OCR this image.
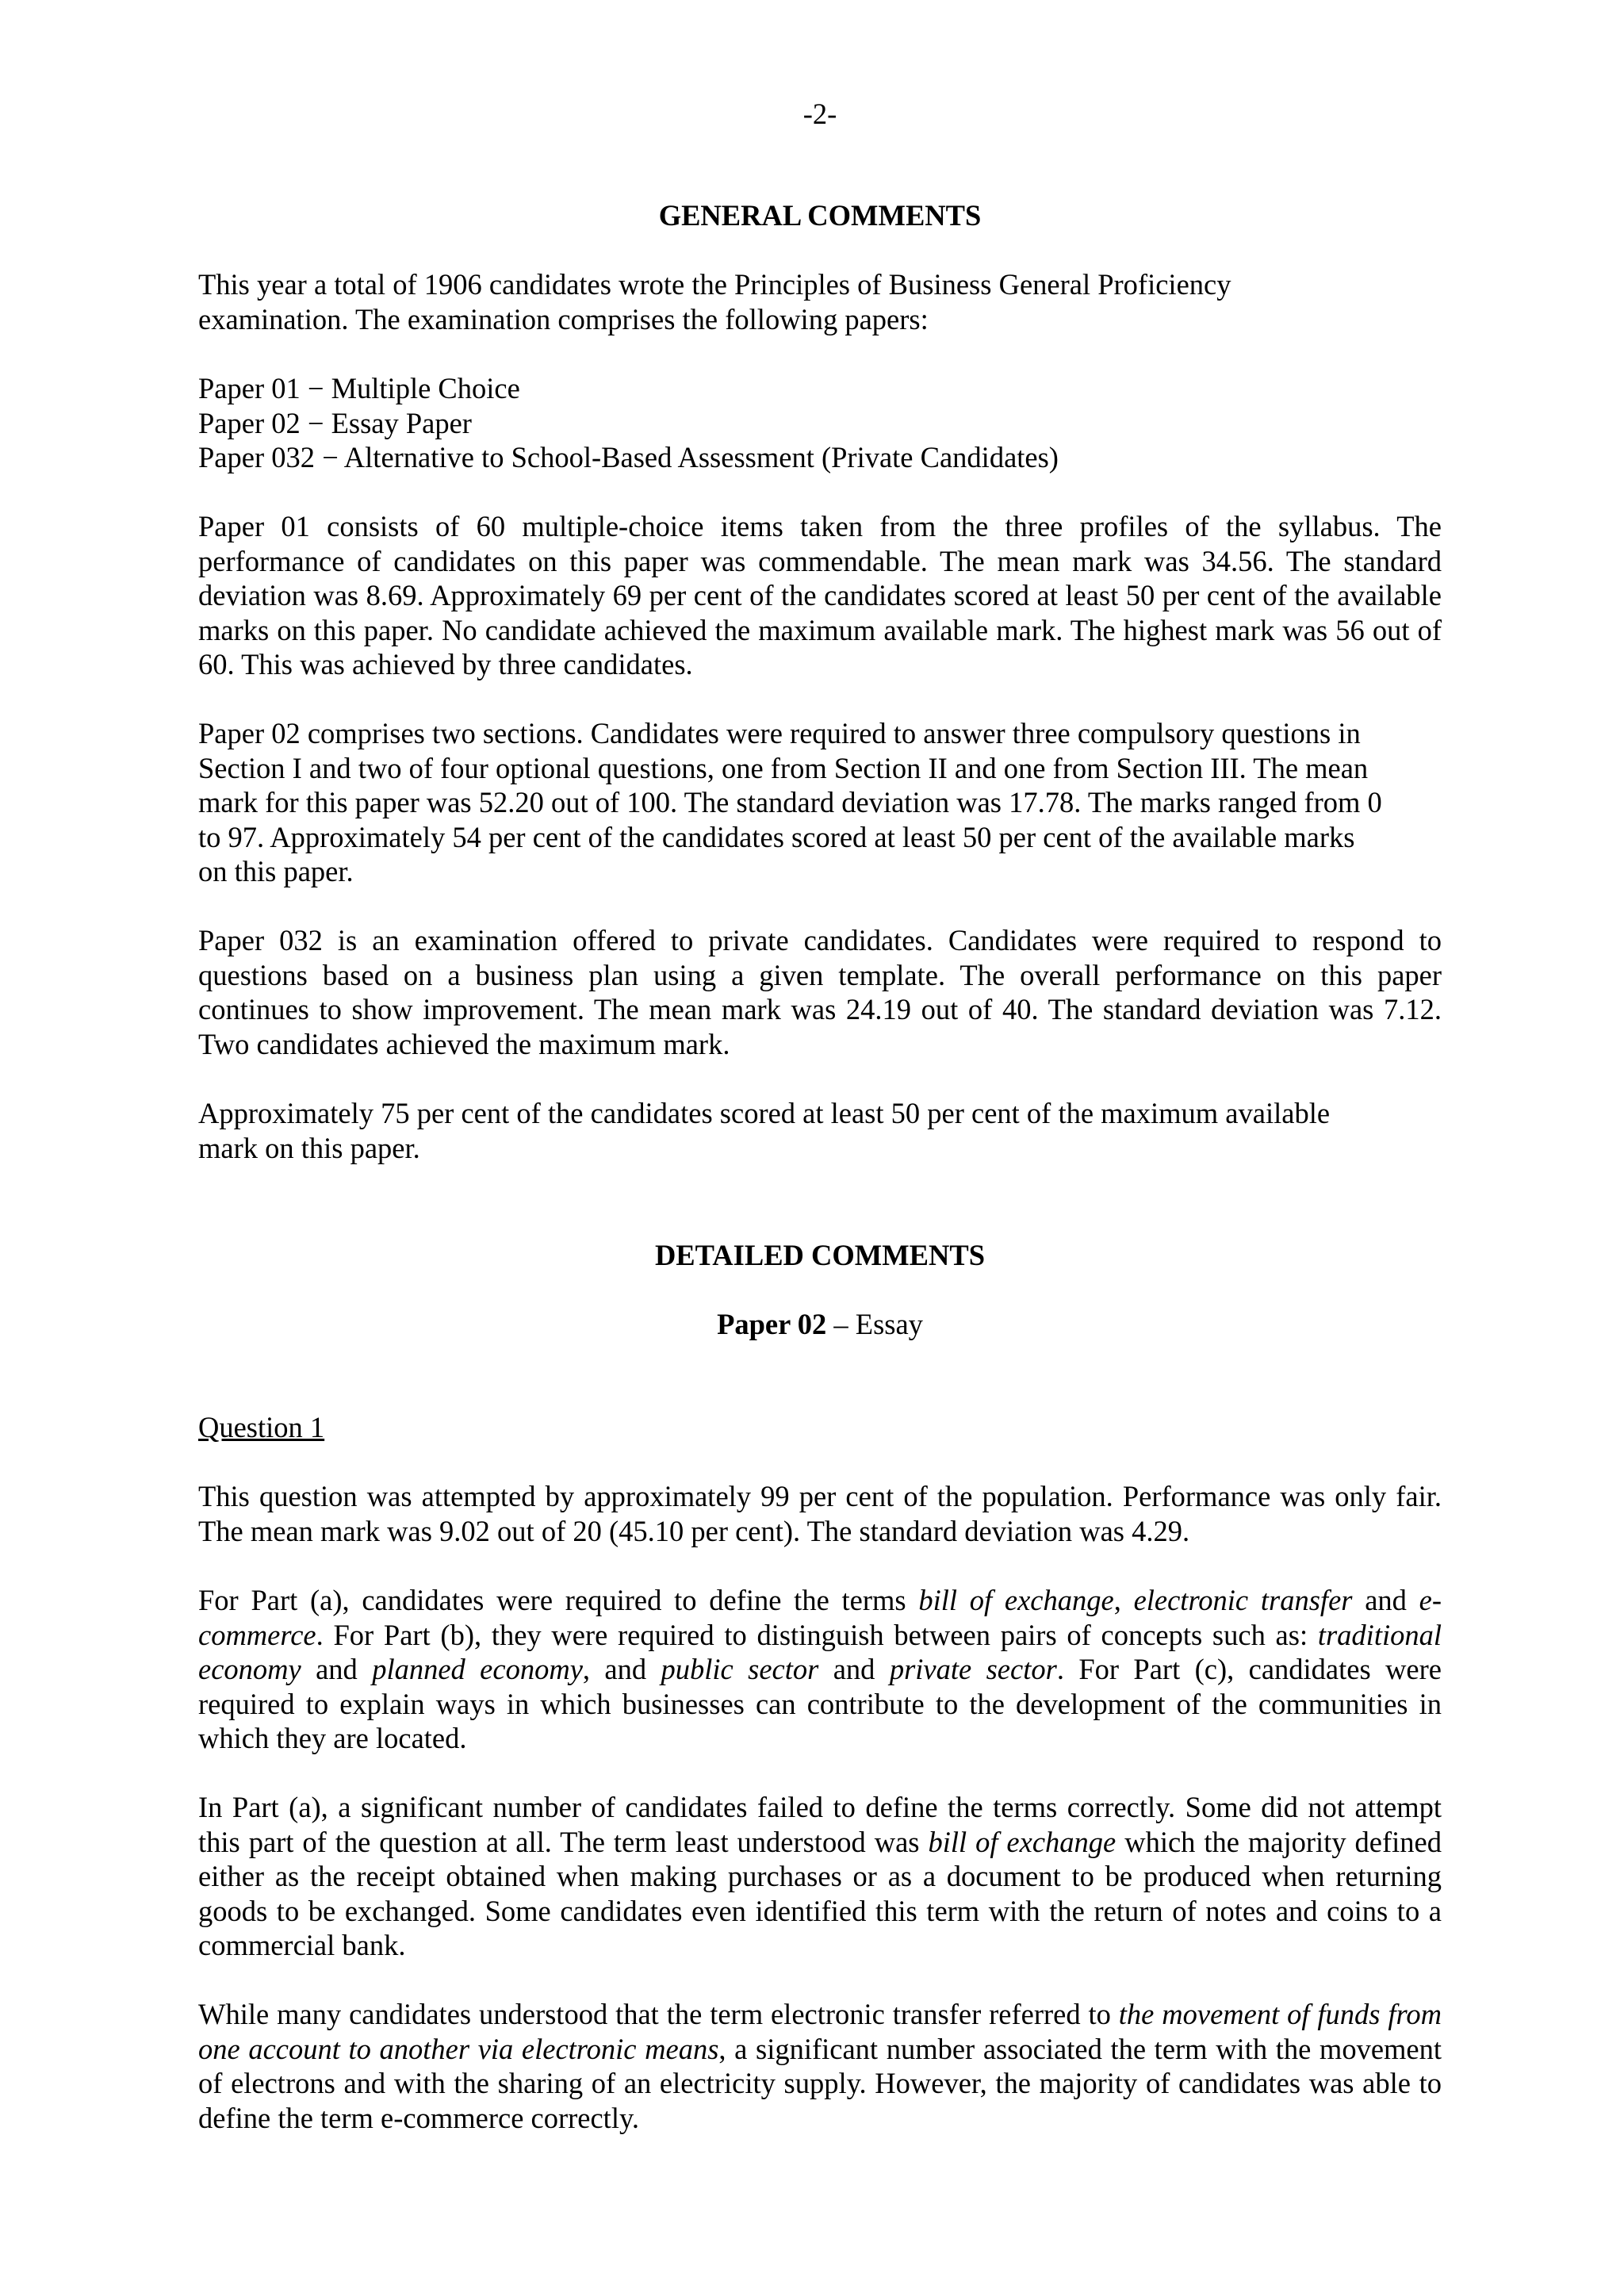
-2-
GENERAL COMMENTS
This year a total of 1906 candidates wrote the Principles of Business General Proficiency
examination. The examination comprises the following papers:
Paper 01 − Multiple Choice
Paper 02 − Essay Paper
Paper 032 − Alternative to School-Based Assessment (Private Candidates)

Paper 01 consists of 60 multiple-choice items taken from the three profiles of the syllabus. The performance of candidates on this paper was commendable. The mean mark was 34.56. The standard deviation was 8.69. Approximately 69 per cent of the candidates scored at least 50 per cent of the available marks on this paper. No candidate achieved the maximum available mark. The highest mark was 56 out of 60. This was achieved by three candidates.

Paper 02 comprises two sections. Candidates were required to answer three compulsory questions in
Section I and two of four optional questions, one from Section II and one from Section III. The mean
mark for this paper was 52.20 out of 100. The standard deviation was 17.78. The marks ranged from 0
to 97. Approximately 54 per cent of the candidates scored at least 50 per cent of the available marks
on this paper.

Paper 032 is an examination offered to private candidates. Candidates were required to respond to questions based on a business plan using a given template. The overall performance on this paper continues to show improvement. The mean mark was 24.19 out of 40. The standard deviation was 7.12. Two candidates achieved the maximum mark.

Approximately 75 per cent of the candidates scored at least 50 per cent of the maximum available
mark on this paper.
DETAILED COMMENTS
Paper 02 – Essay
Question 1

This question was attempted by approximately 99 per cent of the population. Performance was only fair. The mean mark was 9.02 out of 20 (45.10 per cent). The standard deviation was 4.29.

For Part (a), candidates were required to define the terms bill of exchange, electronic transfer and e-commerce. For Part (b), they were required to distinguish between pairs of concepts such as: traditional economy and planned economy, and public sector and private sector. For Part (c), candidates were required to explain ways in which businesses can contribute to the development of the communities in which they are located.

In Part (a), a significant number of candidates failed to define the terms correctly. Some did not attempt this part of the question at all. The term least understood was bill of exchange which the majority defined either as the receipt obtained when making purchases or as a document to be produced when returning goods to be exchanged. Some candidates even identified this term with the return of notes and coins to a commercial bank.

While many candidates understood that the term electronic transfer referred to the movement of funds from one account to another via electronic means, a significant number associated the term with the movement of electrons and with the sharing of an electricity supply. However, the majority of candidates was able to define the term e-commerce correctly.
